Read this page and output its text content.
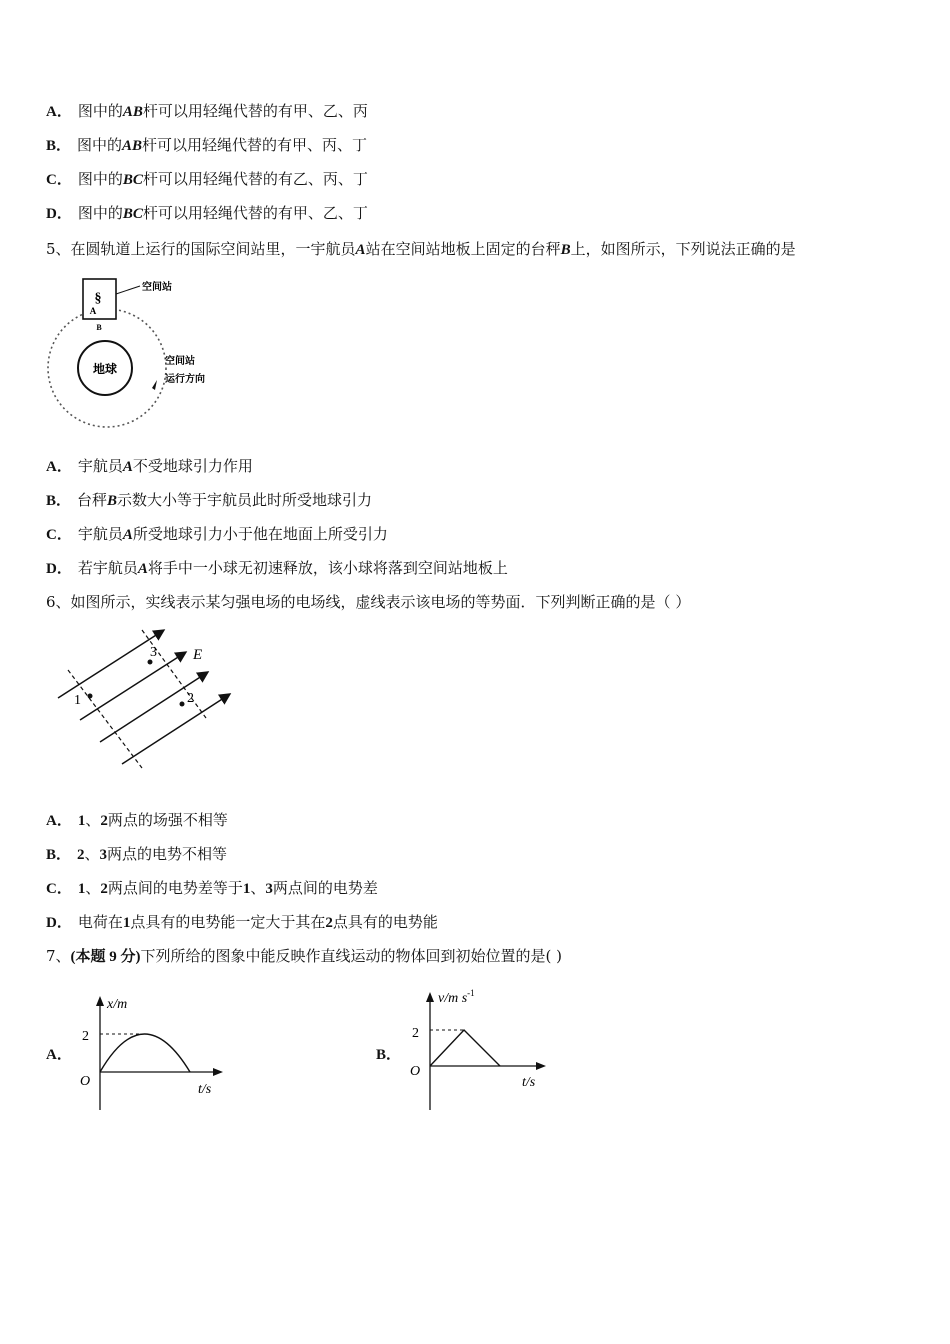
A． 图中的AB杆可以用轻绳代替的有甲、乙、丙
B． 图中的AB杆可以用轻绳代替的有甲、丙、丁
C． 图中的BC杆可以用轻绳代替的有乙、丙、丁
D． 图中的BC杆可以用轻绳代替的有甲、乙、丁
5、在圆轨道上运行的国际空间站里，一宇航员A站在空间站地板上固定的台秤B上，如图所示，下列说法正确的是
地球
§
A
B
空间站
空间站
运行方向
A． 宇航员A不受地球引力作用
B． 台秤B示数大小等于宇航员此时所受地球引力
C． 宇航员A所受地球引力小于他在地面上所受引力
D． 若宇航员A将手中一小球无初速释放，该小球将落到空间站地板上
6、如图所示，实线表示某匀强电场的电场线，虚线表示该电场的等势面．下列判断正确的是（ ）
1	2
3 E
A． 1、2两点的场强不相等
B． 2、3两点的电势不相等
C． 1、2两点间的电势差等于1、3两点间的电势差
D． 电荷在1点具有的电势能一定大于其在2点具有的电势能
7、(本题 9 分)下列所给的图象中能反映作直线运动的物体回到初始位置的是( )
A．
x/m
2
O
t/s
B．
v/m $s^{-1}$
2
O
t/s
